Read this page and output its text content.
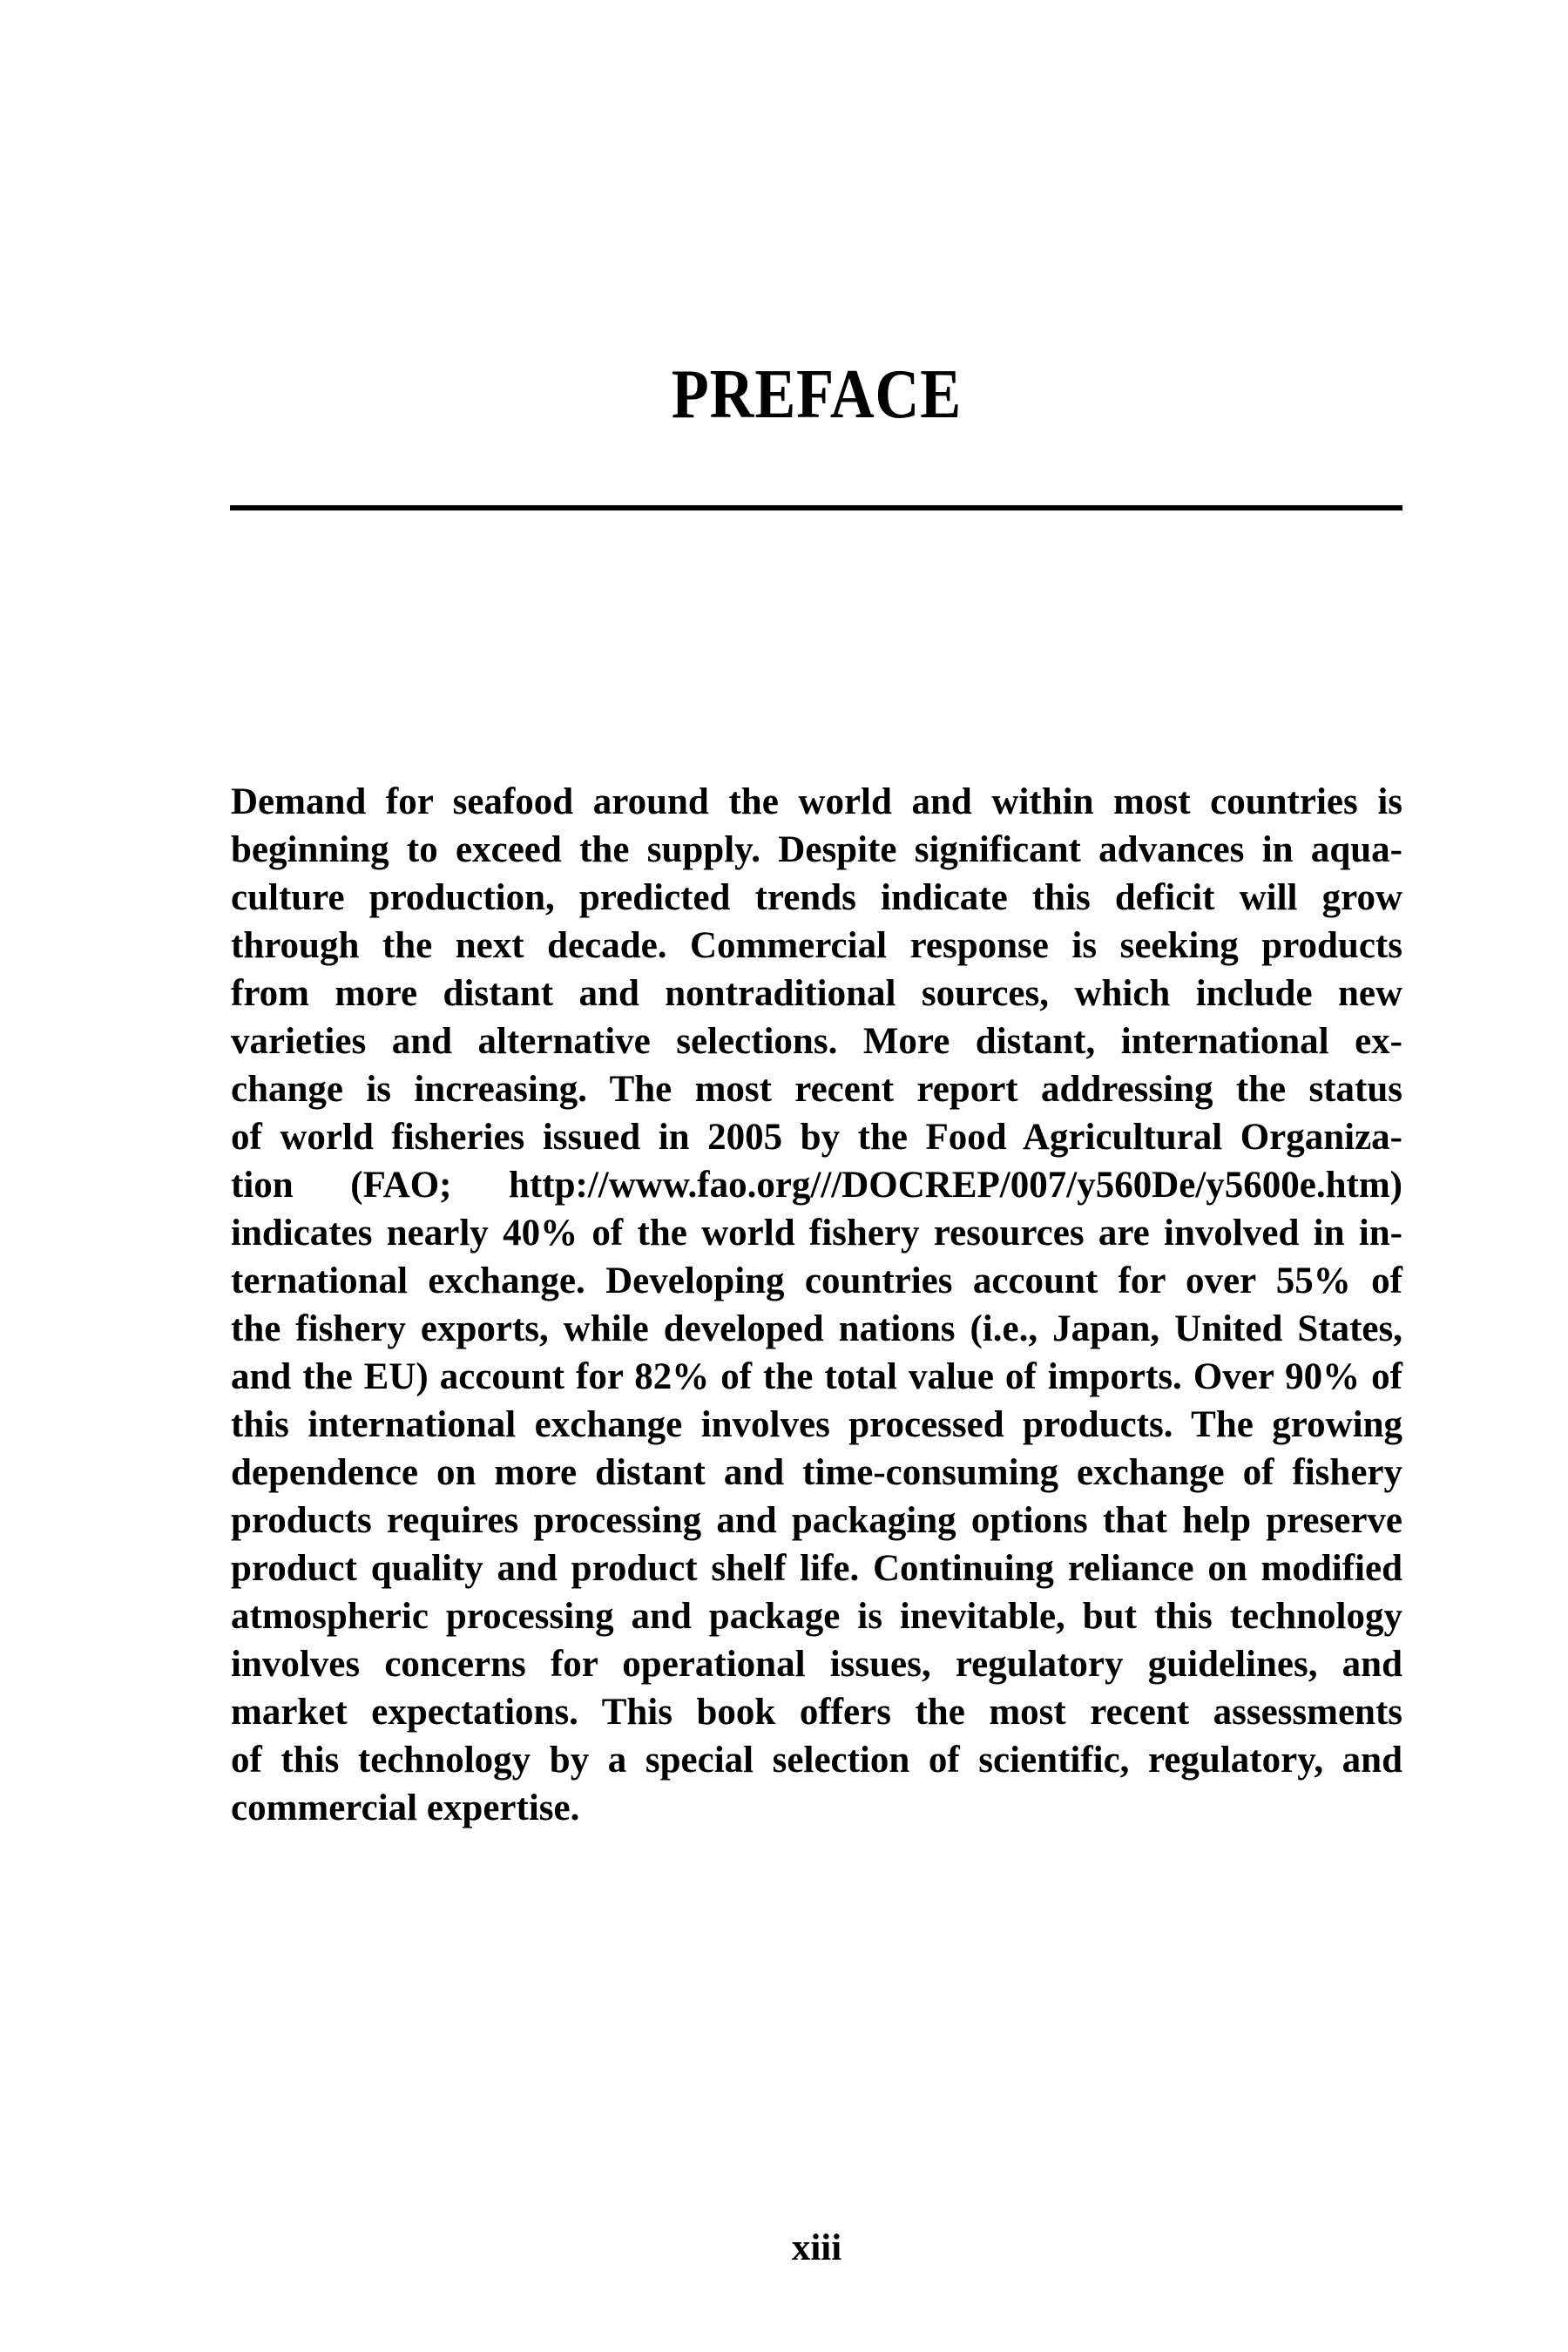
PREFACE
Demand for seafood around the world and within most countries is
beginning to exceed the supply. Despite significant advances in aqua-
culture production, predicted trends indicate this deficit will grow
through the next decade. Commercial response is seeking products
from more distant and nontraditional sources, which include new
varieties and alternative selections. More distant, international ex-
change is increasing. The most recent report addressing the status
of world fisheries issued in 2005 by the Food Agricultural Organiza-
tion (FAO; http://www.fao.org///DOCREP/007/y560De/y5600e.htm)
indicates nearly 40% of the world fishery resources are involved in in-
ternational exchange. Developing countries account for over 55% of
the fishery exports, while developed nations (i.e., Japan, United States,
and the EU) account for 82% of the total value of imports. Over 90% of
this international exchange involves processed products. The growing
dependence on more distant and time-consuming exchange of fishery
products requires processing and packaging options that help preserve
product quality and product shelf life. Continuing reliance on modified
atmospheric processing and package is inevitable, but this technology
involves concerns for operational issues, regulatory guidelines, and
market expectations. This book offers the most recent assessments
of this technology by a special selection of scientific, regulatory, and
commercial expertise.
xiii
